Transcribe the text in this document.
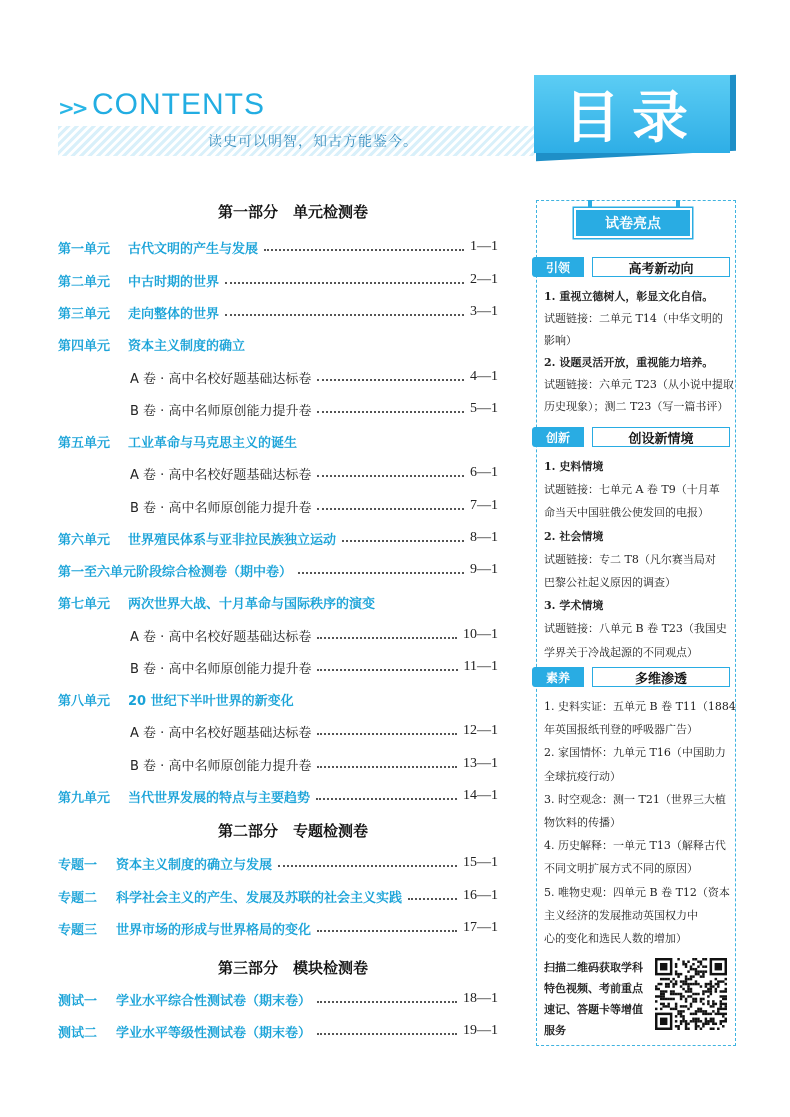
>> CONTENTS
读史可以明智，知古方能鉴今。	目录
第一部分　单元检测卷
第二部分　专题检测卷
第三部分　模块检测卷
第一单元	古代文明的产生与发展	1—1
第二单元	中古时期的世界	2—1
第三单元	走向整体的世界	3—1
第四单元	资本主义制度的确立
A 卷 · 高中名校好题基础达标卷	4—1
B 卷 · 高中名师原创能力提升卷	5—1
第五单元	工业革命与马克思主义的诞生
A 卷 · 高中名校好题基础达标卷	6—1
B 卷 · 高中名师原创能力提升卷	7—1
第六单元	世界殖民体系与亚非拉民族独立运动	8—1
第一至六单元阶段综合检测卷（期中卷）	9—1
第七单元	两次世界大战、十月革命与国际秩序的演变
A 卷 · 高中名校好题基础达标卷	10—1
B 卷 · 高中名师原创能力提升卷	11—1
第八单元	20 世纪下半叶世界的新变化
A 卷 · 高中名校好题基础达标卷	12—1
B 卷 · 高中名师原创能力提升卷	13—1
第九单元	当代世界发展的特点与主要趋势	14—1
专题一	资本主义制度的确立与发展	15—1
专题二	科学社会主义的产生、发展及苏联的社会主义实践	16—1
专题三	世界市场的形成与世界格局的变化	17—1
测试一	学业水平综合性测试卷（期末卷）	18—1
测试二	学业水平等级性测试卷（期末卷）	19—1
试卷亮点
引领	高考新动向
1. 重视立德树人，彰显文化自信。
试题链接：二单元 T14（中华文明的
影响）
2. 设题灵活开放，重视能力培养。
试题链接：六单元 T23（从小说中提取
历史现象）；测二 T23（写一篇书评）
创新	创设新情境
1. 史料情境
试题链接：七单元 A 卷 T9（十月革
命当天中国驻俄公使发回的电报）
2. 社会情境
试题链接：专二 T8（凡尔赛当局对
巴黎公社起义原因的调查）
3. 学术情境
试题链接：八单元 B 卷 T23（我国史
学界关于冷战起源的不同观点）
素养	多维渗透
1. 史料实证：五单元 B 卷 T11（1884
年英国报纸刊登的呼吸器广告）
2. 家国情怀：九单元 T16（中国助力
全球抗疫行动）
3. 时空观念：测一 T21（世界三大植
物饮料的传播）
4. 历史解释：一单元 T13（解释古代
不同文明扩展方式不同的原因）
5. 唯物史观：四单元 B 卷 T12（资本
主义经济的发展推动英国权力中
心的变化和选民人数的增加）
扫描二维码获取学科特色视频、考前重点速记、答题卡等增值服务
